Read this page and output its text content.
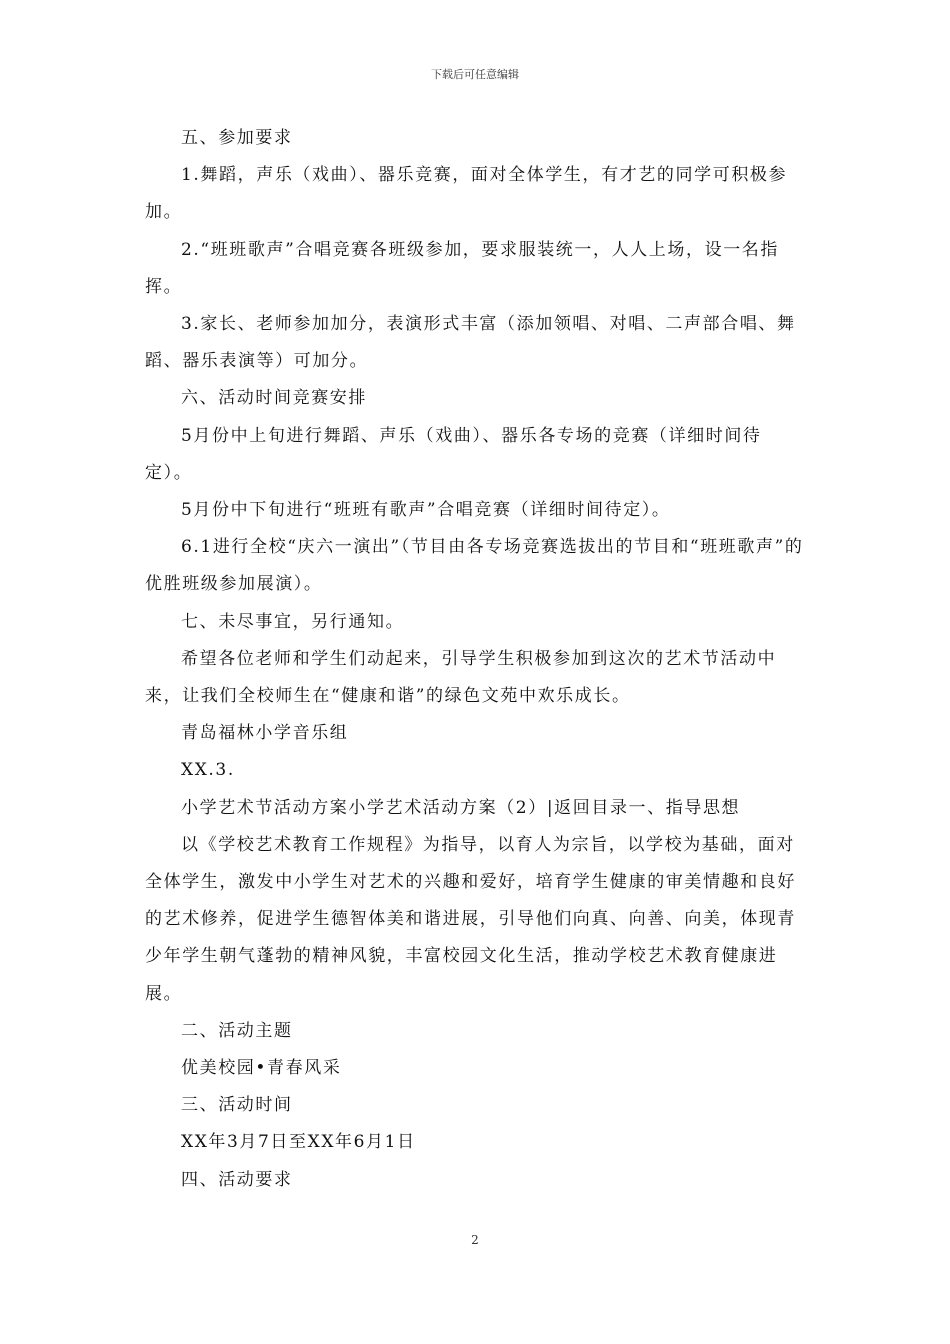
下载后可任意编辑

五、参加要求

1.舞蹈，声乐（戏曲）、器乐竞赛，面对全体学生，有才艺的同学可积极参加。

2.“班班歌声”合唱竞赛各班级参加，要求服装统一，人人上场，设一名指挥。

3.家长、老师参加加分，表演形式丰富（添加领唱、对唱、二声部合唱、舞蹈、器乐表演等）可加分。

六、活动时间竞赛安排

5月份中上旬进行舞蹈、声乐（戏曲）、器乐各专场的竞赛（详细时间待定）。

5月份中下旬进行“班班有歌声”合唱竞赛（详细时间待定）。

6.1进行全校“庆六一演出”（节目由各专场竞赛选拔出的节目和“班班歌声”的优胜班级参加展演）。

七、未尽事宜，另行通知。

希望各位老师和学生们动起来，引导学生积极参加到这次的艺术节活动中来，让我们全校师生在“健康和谐”的绿色文苑中欢乐成长。

青岛福林小学音乐组

XX.3.

小学艺术节活动方案小学艺术活动方案（2）|返回目录一、指导思想

以《学校艺术教育工作规程》为指导，以育人为宗旨，以学校为基础，面对全体学生，激发中小学生对艺术的兴趣和爱好，培育学生健康的审美情趣和良好的艺术修养，促进学生德智体美和谐进展，引导他们向真、向善、向美，体现青少年学生朝气蓬勃的精神风貌，丰富校园文化生活，推动学校艺术教育健康进展。

二、活动主题

优美校园•青春风采

三、活动时间

XX年3月7日至XX年6月1日

四、活动要求

2
